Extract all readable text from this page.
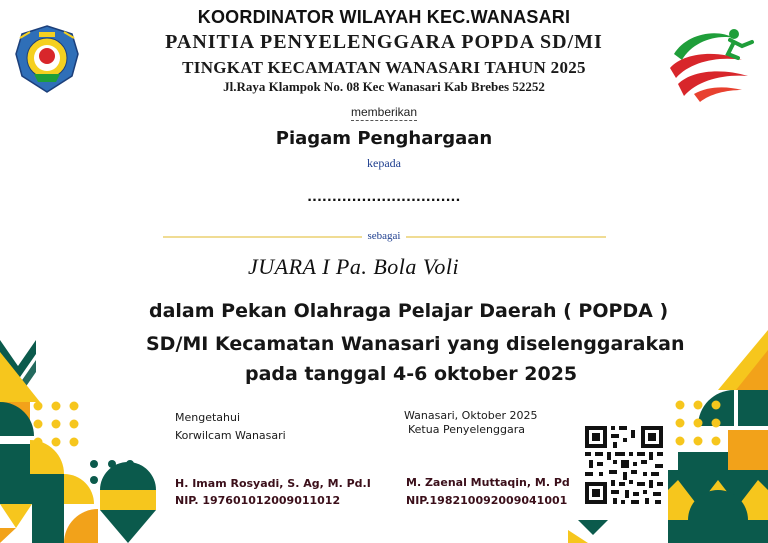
KOORDINATOR WILAYAH KEC.WANASARI
PANITIA PENYELENGGARA POPDA SD/MI
TINGKAT KECAMATAN WANASARI TAHUN 2025
Jl.Raya Klampok No. 08 Kec Wanasari Kab Brebes 52252
memberikan
Piagam Penghargaan
kepada
...............................
sebagai
JUARA I Pa. Bola Voli
dalam Pekan Olahraga Pelajar Daerah ( POPDA )
SD/MI Kecamatan Wanasari yang diselenggarakan
pada tanggal 4-6 oktober 2025
Mengetahui
Korwilcam Wanasari
H. Imam Rosyadi, S. Ag, M. Pd.I
NIP. 197601012009011012
Wanasari, Oktober 2025
Ketua Penyelenggara
M. Zaenal Muttaqin, M. Pd
NIP.198210092009041001
